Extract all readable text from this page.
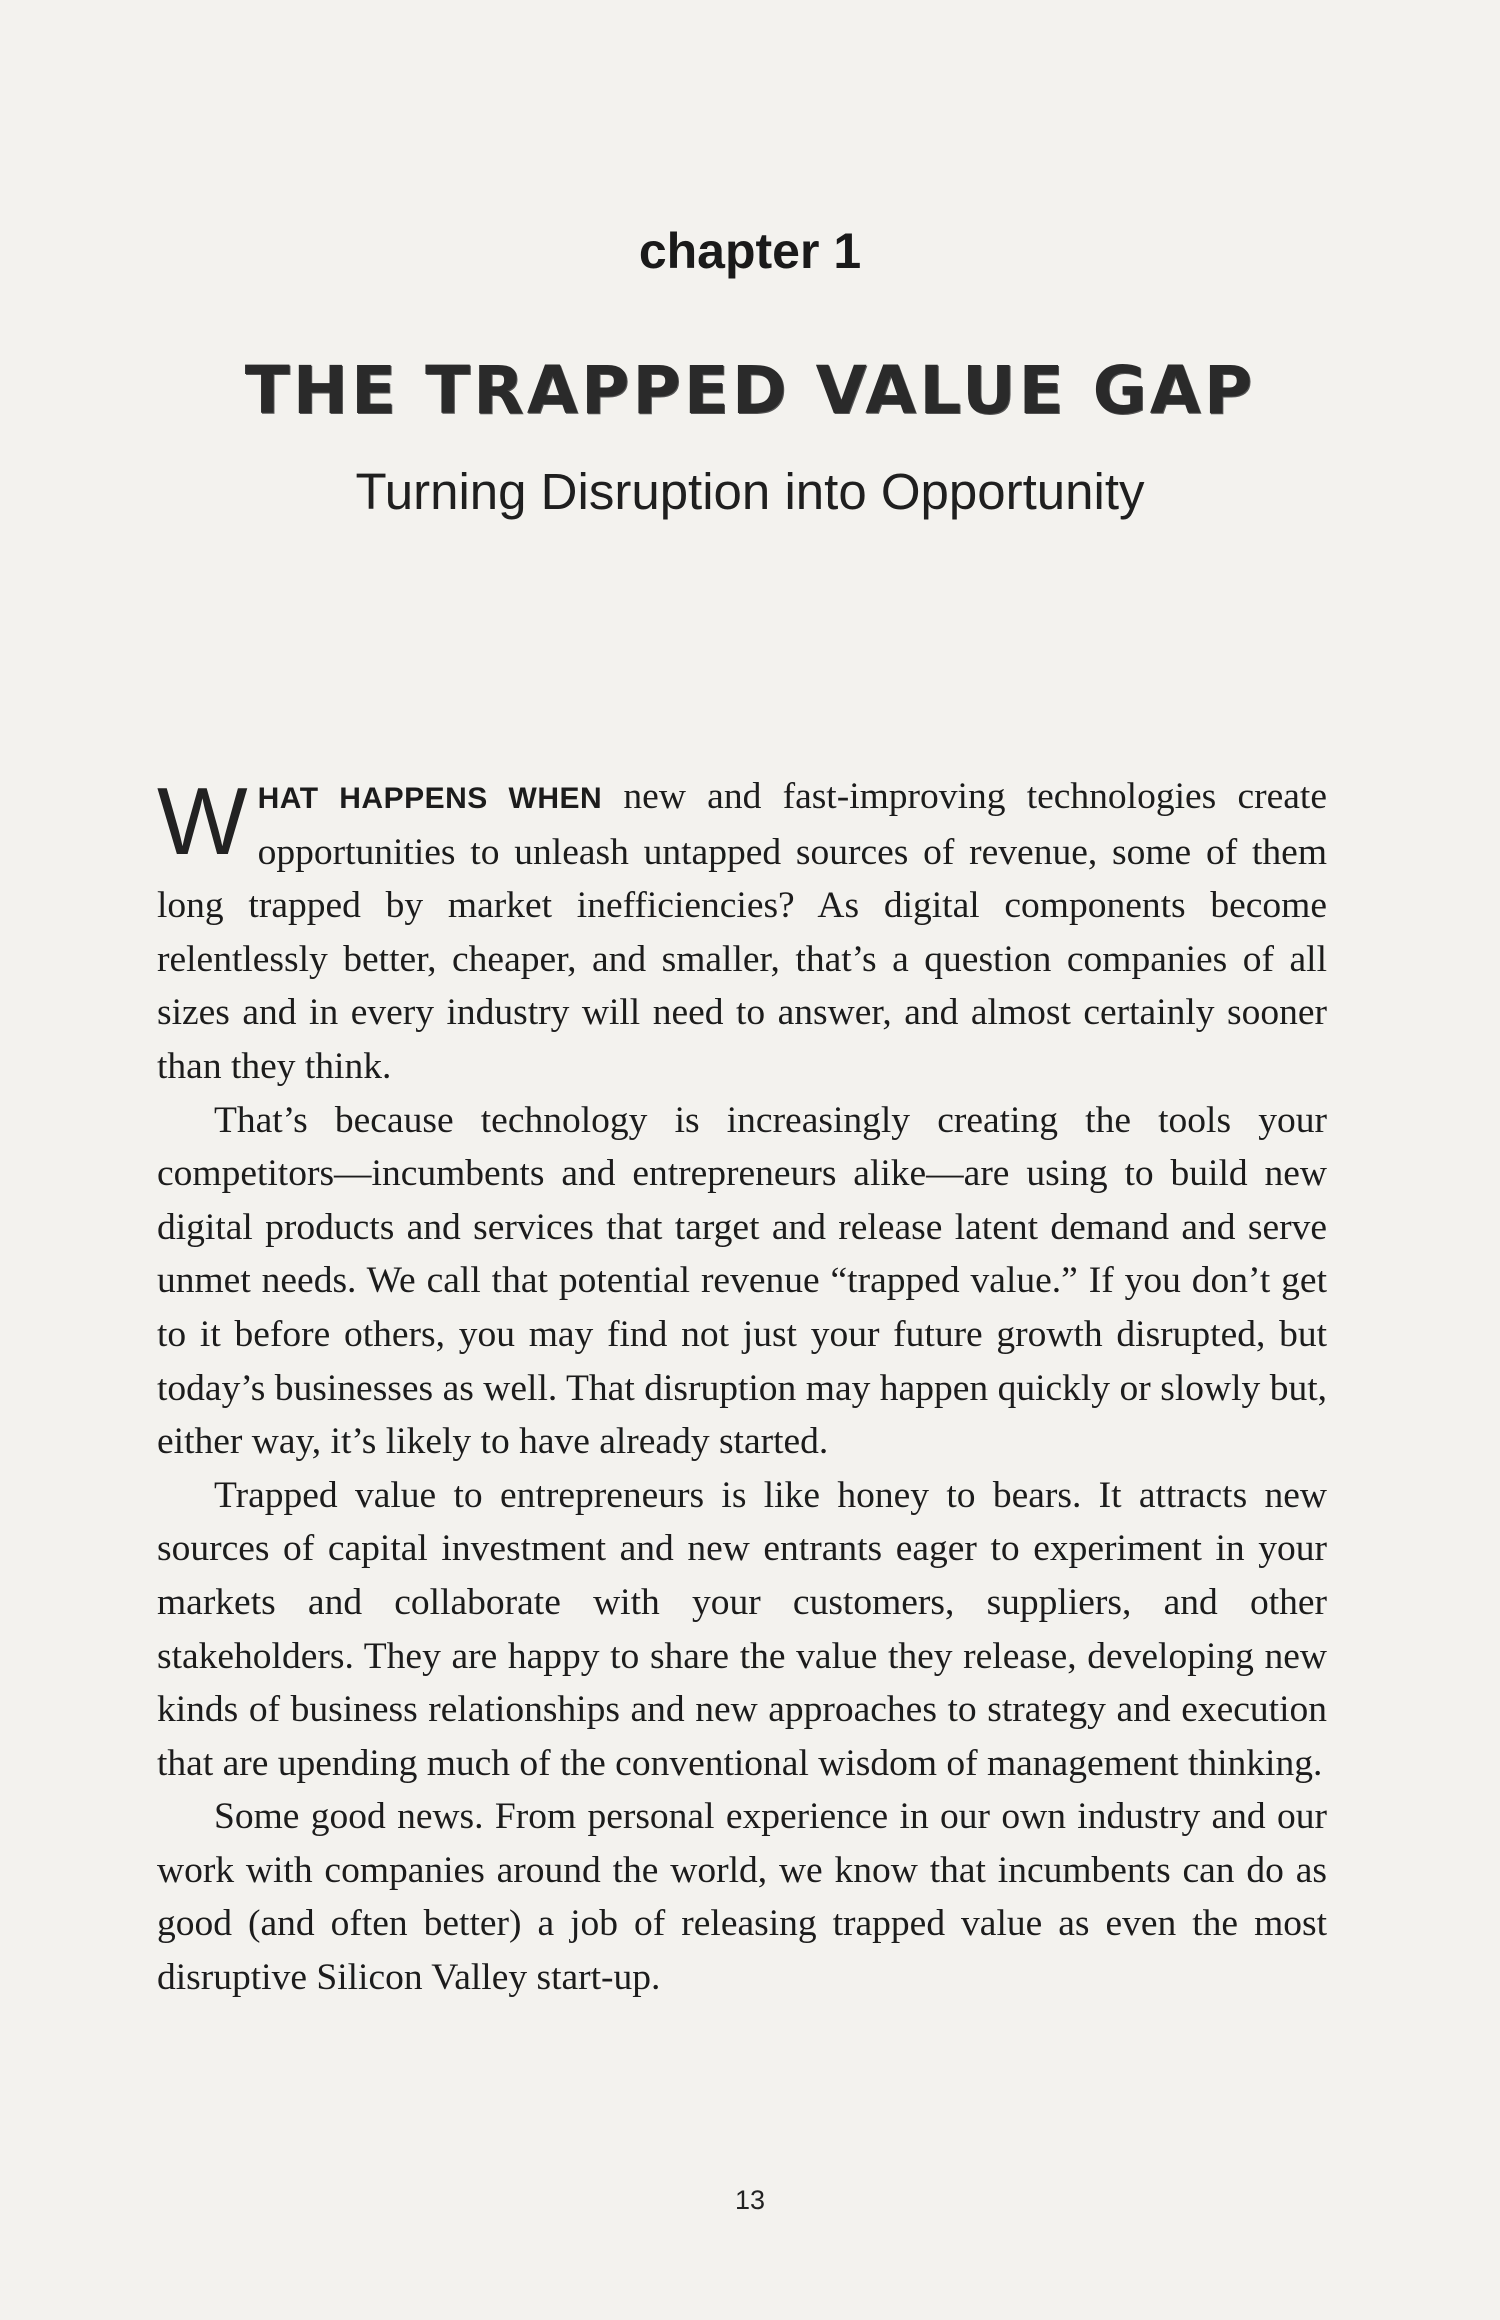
chapter 1
THE TRAPPED VALUE GAP
Turning Disruption into Opportunity

WHAT HAPPENS WHEN new and fast-improving technologies create opportunities to unleash untapped sources of revenue, some of them long trapped by market inefficiencies? As digital components become relentlessly better, cheaper, and smaller, that’s a question companies of all sizes and in every industry will need to answer, and almost certainly sooner than they think.

That’s because technology is increasingly creating the tools your competitors—incumbents and entrepreneurs alike—are using to build new digital products and services that target and release latent demand and serve unmet needs. We call that potential revenue “trapped value.” If you don’t get to it before others, you may find not just your future growth disrupted, but today’s businesses as well. That disruption may happen quickly or slowly but, either way, it’s likely to have already started.

Trapped value to entrepreneurs is like honey to bears. It attracts new sources of capital investment and new entrants eager to experiment in your markets and collaborate with your customers, suppliers, and other stakeholders. They are happy to share the value they release, developing new kinds of business relationships and new approaches to strategy and execution that are upending much of the conventional wisdom of management thinking.

Some good news. From personal experience in our own industry and our work with companies around the world, we know that incumbents can do as good (and often better) a job of releasing trapped value as even the most disruptive Silicon Valley start-up.

13
